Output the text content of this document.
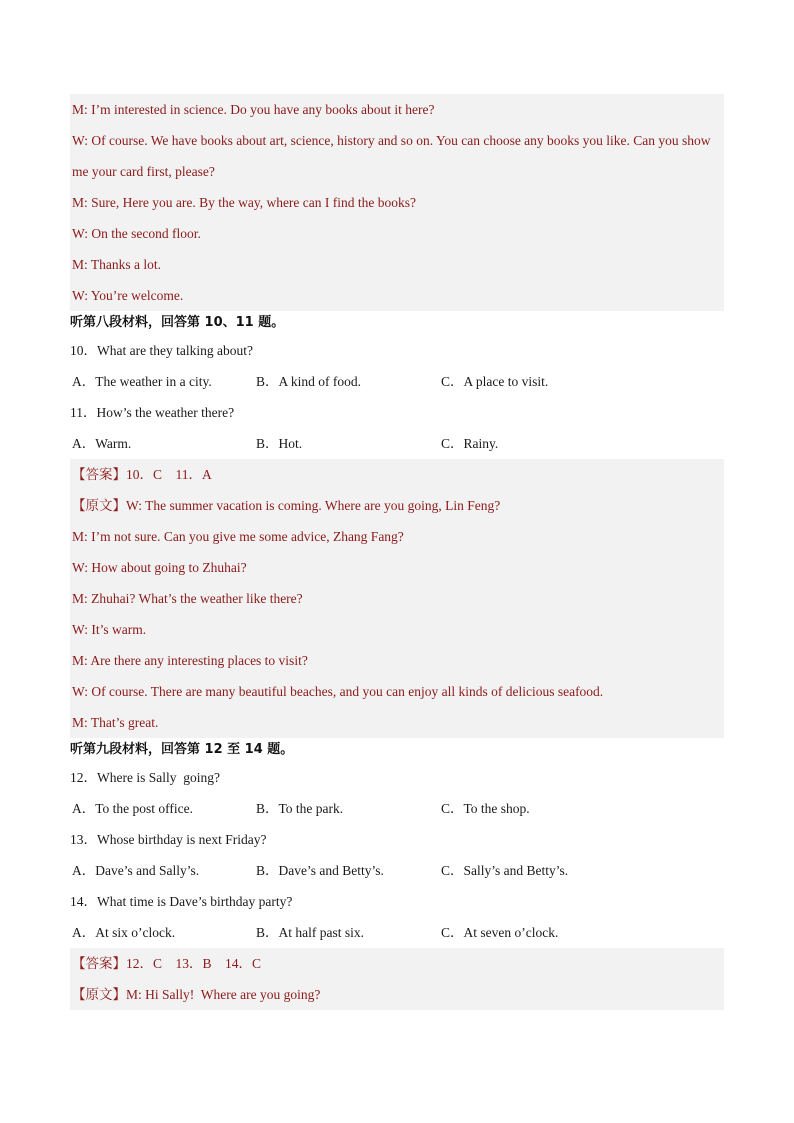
M: I’m interested in science. Do you have any books about it here?
W: Of course. We have books about art, science, history and so on. You can choose any books you like. Can you show me your card first, please?
M: Sure, Here you are. By the way, where can I find the books?
W: On the second floor.
M: Thanks a lot.
W: You’re welcome.
听第八段材料，回答第 10、11 题。
10．What are they talking about?
A．The weather in a city.	B．A kind of food.	C．A place to visit.
11．How’s the weather there?
A．Warm.	B．Hot.	C．Rainy.
【答案】10．C    11．A
【原文】W: The summer vacation is coming. Where are you going, Lin Feng?
M: I’m not sure. Can you give me some advice, Zhang Fang?
W: How about going to Zhuhai?
M: Zhuhai? What’s the weather like there?
W: It’s warm.
M: Are there any interesting places to visit?
W: Of course. There are many beautiful beaches, and you can enjoy all kinds of delicious seafood.
M: That’s great.
听第九段材料，回答第 12 至 14 题。
12．Where is Sally  going?
A．To the post office.	B．To the park.	C．To the shop.
13．Whose birthday is next Friday?
A．Dave’s and Sally’s.	B．Dave’s and Betty’s.	C．Sally’s and Betty’s.
14．What time is Dave’s birthday party?
A．At six o’clock.	B．At half past six.	C．At seven o’clock.
【答案】12．C    13．B    14．C
【原文】M: Hi Sally!  Where are you going?
